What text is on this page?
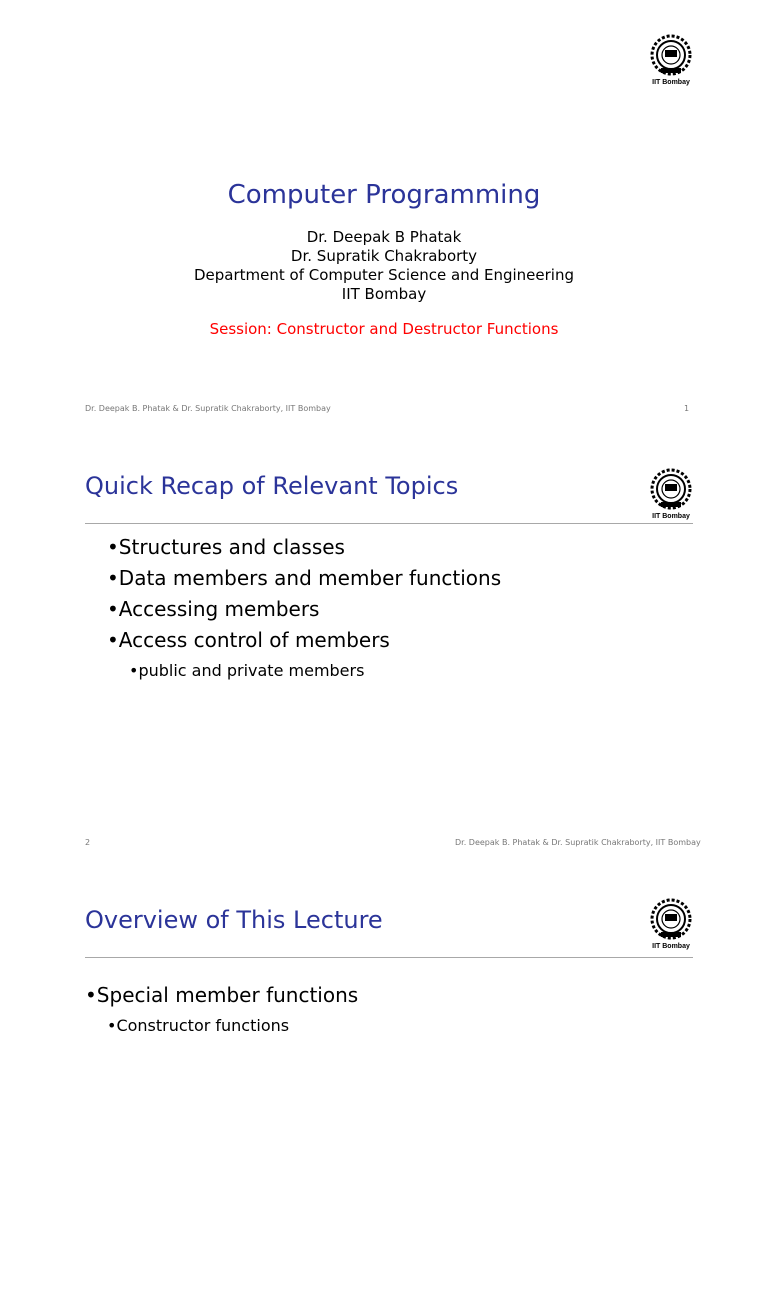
IIT Bombay
Computer Programming
Dr. Deepak B Phatak
Dr. Supratik Chakraborty
Department of Computer Science and Engineering
IIT Bombay
Session: Constructor and Destructor Functions
Dr. Deepak B. Phatak & Dr. Supratik Chakraborty, IIT Bombay	1
IIT Bombay
Quick Recap of Relevant Topics
• Structures and classes
• Data members and member functions
• Accessing members
• Access control of members
• public and private members
2	Dr. Deepak B. Phatak & Dr. Supratik Chakraborty, IIT Bombay
IIT Bombay
Overview of This Lecture
• Special member functions
• Constructor functions
